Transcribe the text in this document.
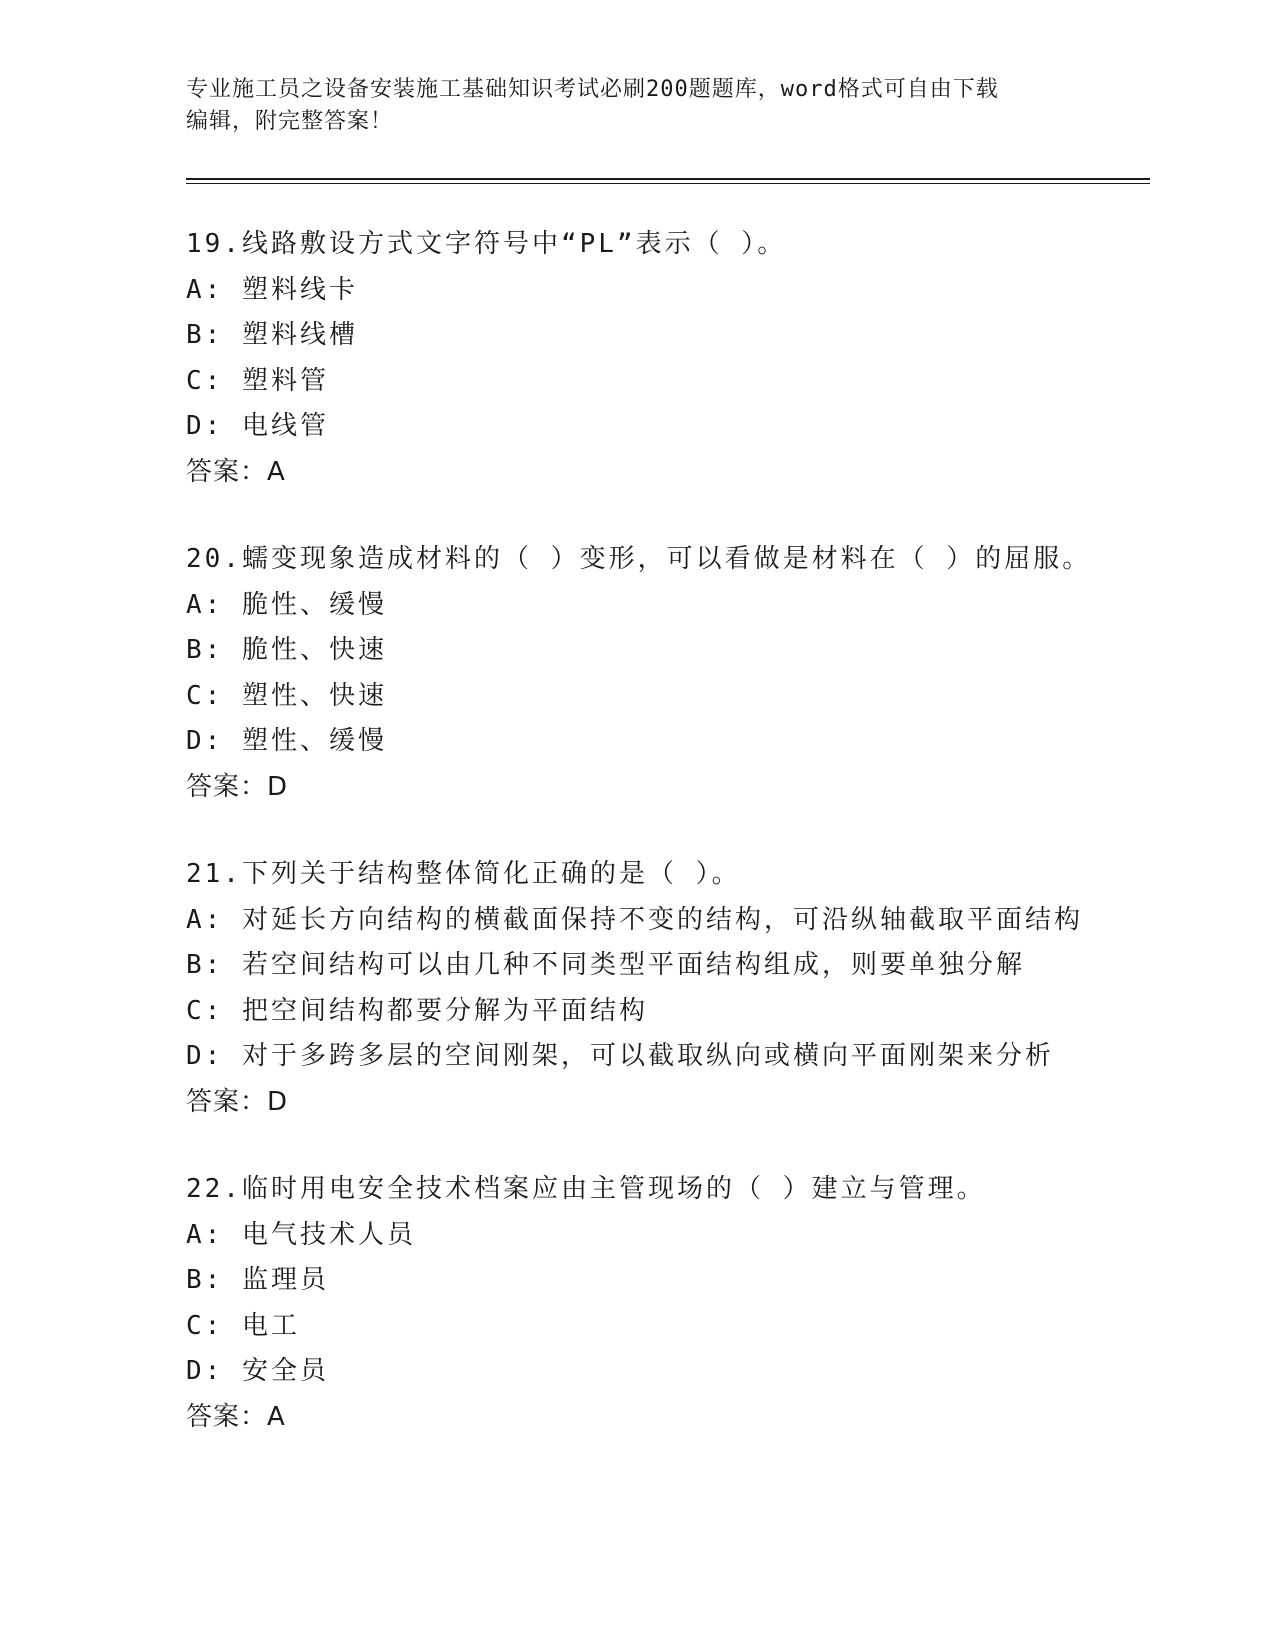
专业施工员之设备安装施工基础知识考试必刷200题题库，word格式可自由下载
编辑，附完整答案！
19.线路敷设方式文字符号中“PL”表示（ ）。
A: 塑料线卡
B: 塑料线槽
C: 塑料管
D: 电线管
答案：A
20.蠕变现象造成材料的（ ）变形，可以看做是材料在（ ）的屈服。
A: 脆性、缓慢
B: 脆性、快速
C: 塑性、快速
D: 塑性、缓慢
答案：D
21.下列关于结构整体简化正确的是（ ）。
A: 对延长方向结构的横截面保持不变的结构，可沿纵轴截取平面结构
B: 若空间结构可以由几种不同类型平面结构组成，则要单独分解
C: 把空间结构都要分解为平面结构
D: 对于多跨多层的空间刚架，可以截取纵向或横向平面刚架来分析
答案：D
22.临时用电安全技术档案应由主管现场的（ ）建立与管理。
A: 电气技术人员
B: 监理员
C: 电工
D: 安全员
答案：A
